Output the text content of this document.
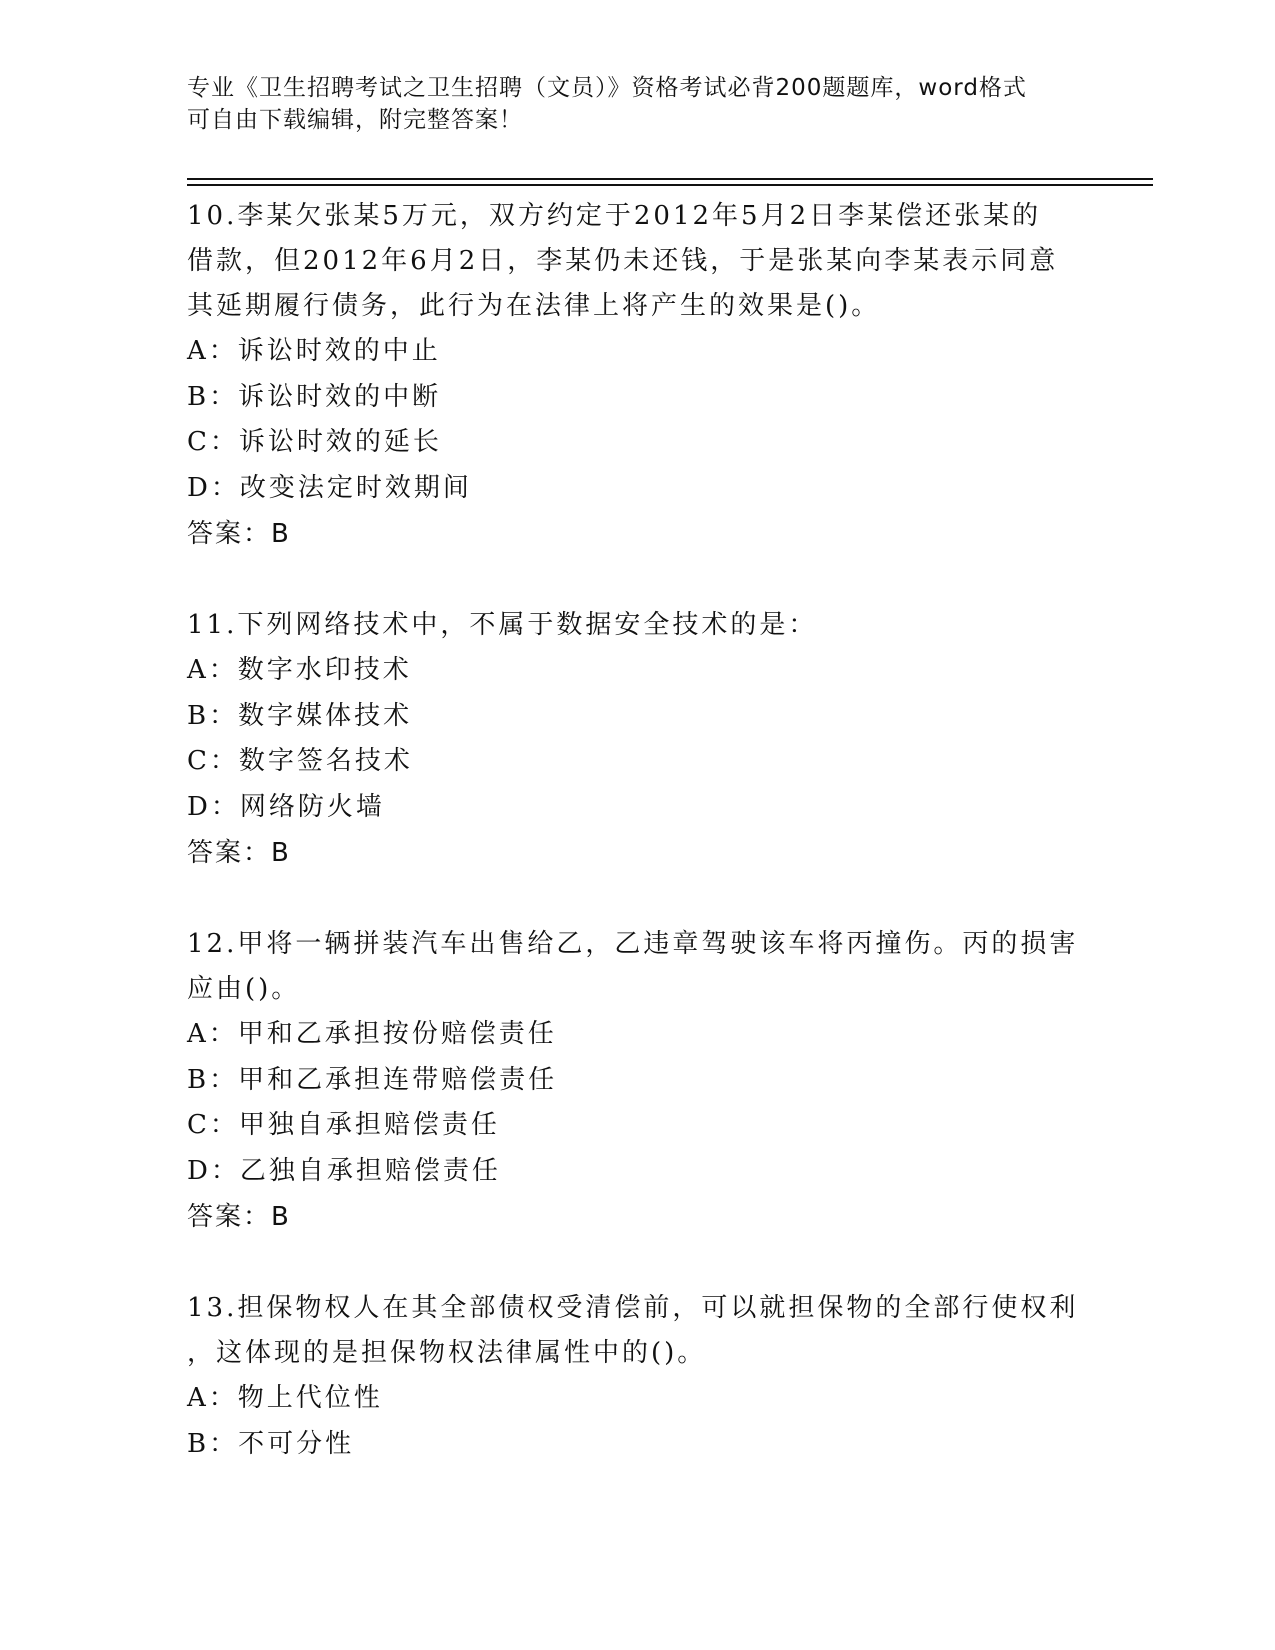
专业《卫生招聘考试之卫生招聘（文员）》资格考试必背200题题库，word格式
可自由下载编辑，附完整答案！
10.李某欠张某5万元，双方约定于2012年5月2日李某偿还张某的
借款，但2012年6月2日，李某仍未还钱，于是张某向李某表示同意
其延期履行债务，此行为在法律上将产生的效果是()。
A：诉讼时效的中止
B：诉讼时效的中断
C：诉讼时效的延长
D：改变法定时效期间
答案：B
11.下列网络技术中，不属于数据安全技术的是：
A：数字水印技术
B：数字媒体技术
C：数字签名技术
D：网络防火墙
答案：B
12.甲将一辆拼装汽车出售给乙，乙违章驾驶该车将丙撞伤。丙的损害
应由()。
A：甲和乙承担按份赔偿责任
B：甲和乙承担连带赔偿责任
C：甲独自承担赔偿责任
D：乙独自承担赔偿责任
答案：B
13.担保物权人在其全部债权受清偿前，可以就担保物的全部行使权利
，这体现的是担保物权法律属性中的()。
A：物上代位性
B：不可分性
